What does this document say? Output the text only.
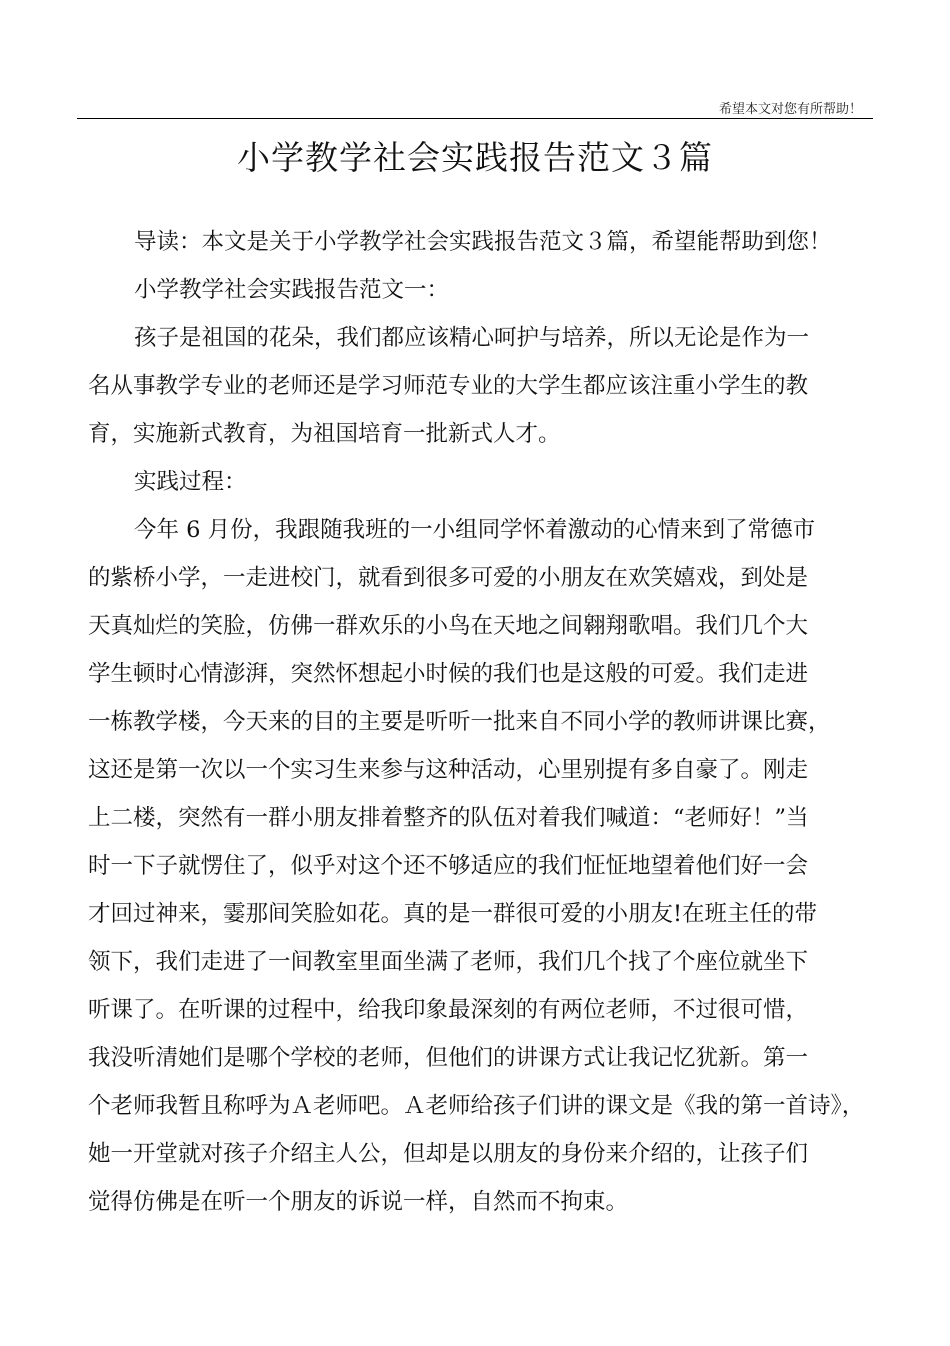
希望本文对您有所帮助！
小学教学社会实践报告范文３篇
导读：本文是关于小学教学社会实践报告范文３篇，希望能帮助到您！
小学教学社会实践报告范文一：
孩子是祖国的花朵，我们都应该精心呵护与培养，所以无论是作为一
名从事教学专业的老师还是学习师范专业的大学生都应该注重小学生的教
育，实施新式教育，为祖国培育一批新式人才。
实践过程：
今年 6 月份，我跟随我班的一小组同学怀着激动的心情来到了常德市
的紫桥小学，一走进校门，就看到很多可爱的小朋友在欢笑嬉戏，到处是
天真灿烂的笑脸，仿佛一群欢乐的小鸟在天地之间翱翔歌唱。我们几个大
学生顿时心情澎湃，突然怀想起小时候的我们也是这般的可爱。我们走进
一栋教学楼，今天来的目的主要是听听一批来自不同小学的教师讲课比赛，
这还是第一次以一个实习生来参与这种活动，心里别提有多自豪了。刚走
上二楼，突然有一群小朋友排着整齐的队伍对着我们喊道：“老师好！”当
时一下子就愣住了，似乎对这个还不够适应的我们怔怔地望着他们好一会
才回过神来，霎那间笑脸如花。真的是一群很可爱的小朋友!在班主任的带
领下，我们走进了一间教室里面坐满了老师，我们几个找了个座位就坐下
听课了。在听课的过程中，给我印象最深刻的有两位老师，不过很可惜，
我没听清她们是哪个学校的老师，但他们的讲课方式让我记忆犹新。第一
个老师我暂且称呼为Ａ老师吧。Ａ老师给孩子们讲的课文是《我的第一首诗》，
她一开堂就对孩子介绍主人公，但却是以朋友的身份来介绍的，让孩子们
觉得仿佛是在听一个朋友的诉说一样，自然而不拘束。
